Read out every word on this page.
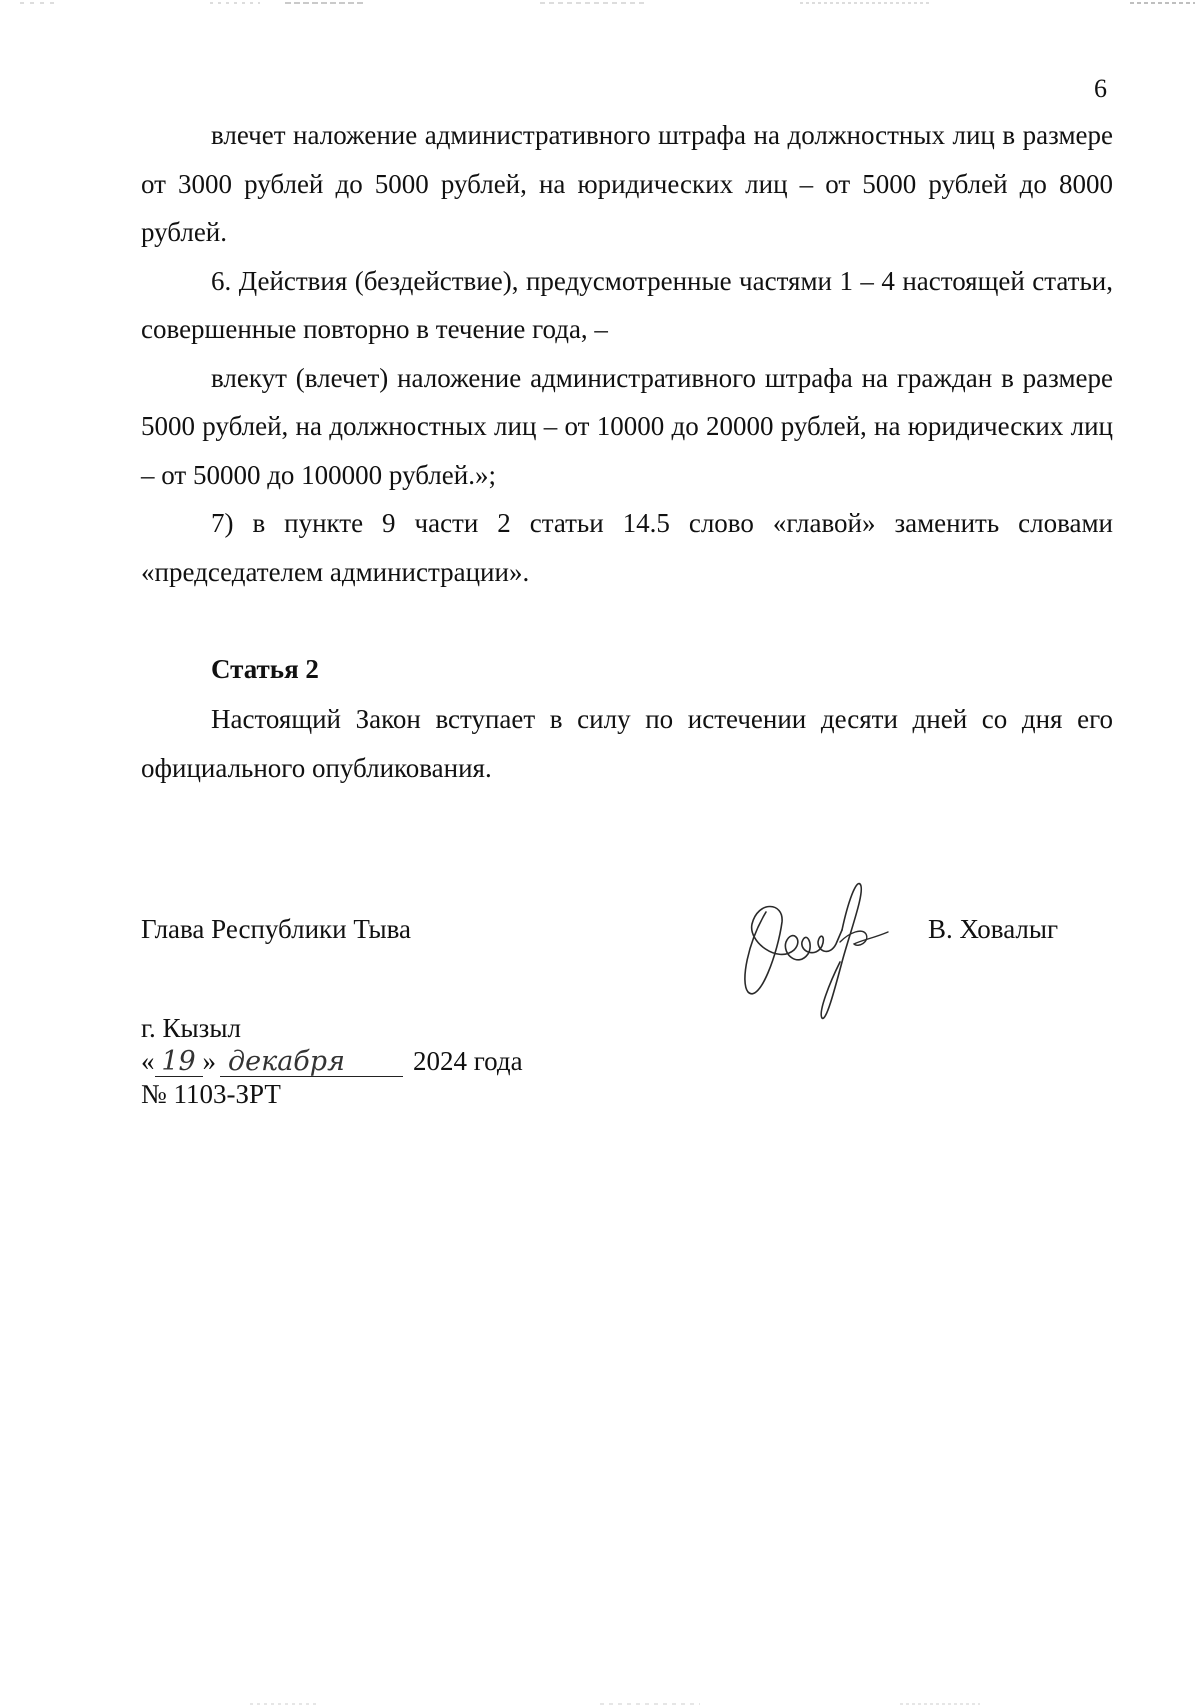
6

влечет наложение административного штрафа на должностных лиц в размере от 3000 рублей до 5000 рублей, на юридических лиц – от 5000 рублей до 8000 рублей.

6. Действия (бездействие), предусмотренные частями 1 – 4 настоящей статьи, совершенные повторно в течение года, –

влекут (влечет) наложение административного штрафа на граждан в размере 5000 рублей, на должностных лиц – от 10000 до 20000 рублей, на юридических лиц – от 50000 до 100000 рублей.»;

7) в пункте 9 части 2 статьи 14.5 слово «главой» заменить словами «председателем администрации».

Статья 2

Настоящий Закон вступает в силу по истечении десяти дней со дня его официального опубликования.

Глава Республики Тыва	В. Ховалыг
г. Кызыл
« 19 » декабря	2024 года
№ 1103-ЗРТ
